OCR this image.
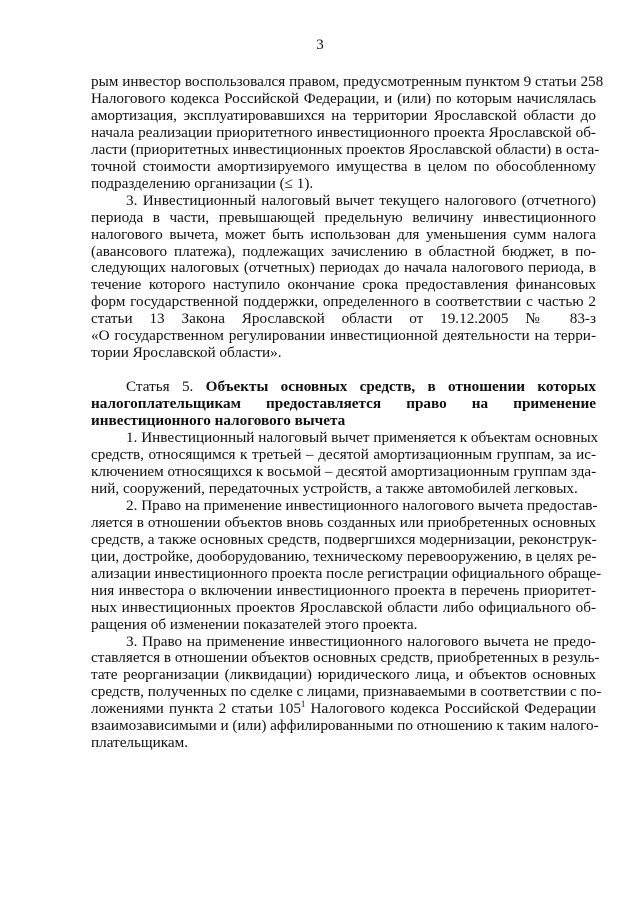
3

рым инвестор воспользовался правом, предусмотренным пунктом 9 статьи 258
Налогового кодекса Российской Федерации, и (или) по которым начислялась
амортизация, эксплуатировавшихся на территории Ярославской области до
начала реализации приоритетного инвестиционного проекта Ярославской об-
ласти (приоритетных инвестиционных проектов Ярославской области) в оста-
точной стоимости амортизируемого имущества в целом по обособленному
подразделению организации (≤ 1).

3. Инвестиционный налоговый вычет текущего налогового (отчетного)
периода в части, превышающей предельную величину инвестиционного
налогового вычета, может быть использован для уменьшения сумм налога
(авансового платежа), подлежащих зачислению в областной бюджет, в по-
следующих налоговых (отчетных) периодах до начала налогового периода, в
течение которого наступило окончание срока предоставления финансовых
форм государственной поддержки, определенного в соответствии с частью 2
статьи 13 Закона Ярославской области от 19.12.2005 № 83-з
«О государственном регулировании инвестиционной деятельности на терри-
тории Ярославской области».

Статья 5. Объекты основных средств, в отношении которых
налогоплательщикам предоставляется право на применение
инвестиционного налогового вычета

1. Инвестиционный налоговый вычет применяется к объектам основных
средств, относящимся к третьей – десятой амортизационным группам, за ис-
ключением относящихся к восьмой – десятой амортизационным группам зда-
ний, сооружений, передаточных устройств, а также автомобилей легковых.

2. Право на применение инвестиционного налогового вычета предостав-
ляется в отношении объектов вновь созданных или приобретенных основных
средств, а также основных средств, подвергшихся модернизации, реконструк-
ции, достройке, дооборудованию, техническому перевооружению, в целях ре-
ализации инвестиционного проекта после регистрации официального обраще-
ния инвестора о включении инвестиционного проекта в перечень приоритет-
ных инвестиционных проектов Ярославской области либо официального об-
ращения об изменении показателей этого проекта.

3. Право на применение инвестиционного налогового вычета не предо-
ставляется в отношении объектов основных средств, приобретенных в резуль-
тате реорганизации (ликвидации) юридического лица, и объектов основных
средств, полученных по сделке с лицами, признаваемыми в соответствии с по-
ложениями пункта 2 статьи $105^1$ Налогового кодекса Российской Федерации
взаимозависимыми и (или) аффилированными по отношению к таким налого-
плательщикам.
